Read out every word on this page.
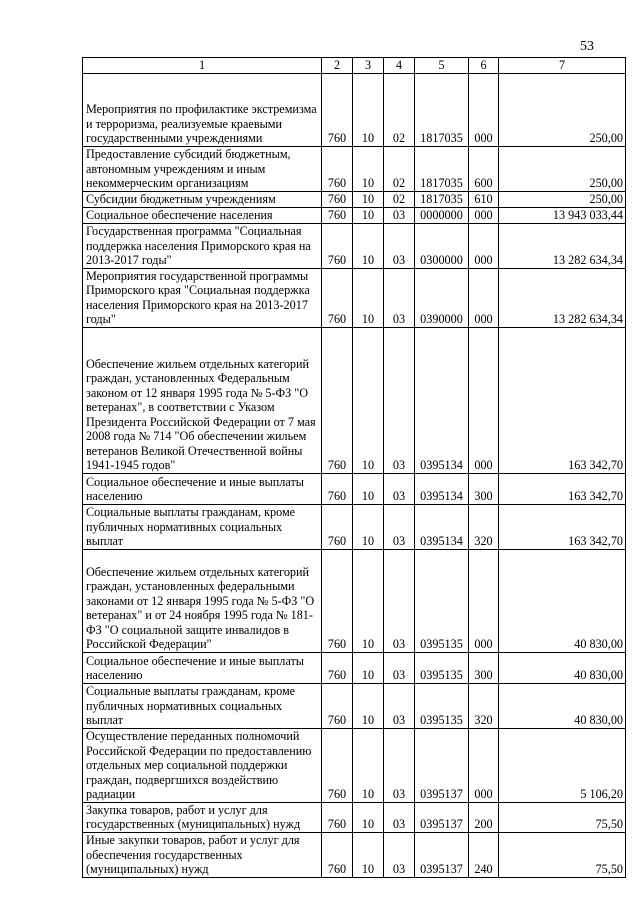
53
1	2	3	4	5	6	7
Мероприятия по профилактике экстремизма и терроризма, реализуемые краевыми государственными учреждениями	760	10	02	1817035	000	250,00
Предоставление субсидий бюджетным, автономным учреждениям и иным некоммерческим организациям	760	10	02	1817035	600	250,00
Субсидии бюджетным учреждениям	760	10	02	1817035	610	250,00
Социальное обеспечение населения	760	10	03	0000000	000	13 943 033,44
Государственная программа "Социальная поддержка населения Приморского края на 2013-2017 годы"	760	10	03	0300000	000	13 282 634,34
Мероприятия государственной программы Приморского края "Социальная поддержка населения Приморского края на 2013-2017 годы"	760	10	03	0390000	000	13 282 634,34
Обеспечение жильем отдельных категорий граждан, установленных Федеральным законом от 12 января 1995 года № 5-ФЗ "О ветеранах", в соответствии с Указом Президента Российской Федерации от 7 мая 2008 года № 714 "Об обеспечении жильем ветеранов Великой Отечественной войны 1941-1945 годов"	760	10	03	0395134	000	163 342,70
Социальное обеспечение и иные выплаты населению	760	10	03	0395134	300	163 342,70
Социальные выплаты гражданам, кроме публичных нормативных социальных выплат	760	10	03	0395134	320	163 342,70
Обеспечение жильем отдельных категорий граждан, установленных федеральными законами от 12 января 1995 года № 5-ФЗ "О ветеранах" и от 24 ноября 1995 года № 181-ФЗ "О социальной защите инвалидов в Российской Федерации"	760	10	03	0395135	000	40 830,00
Социальное обеспечение и иные выплаты населению	760	10	03	0395135	300	40 830,00
Социальные выплаты гражданам, кроме публичных нормативных социальных выплат	760	10	03	0395135	320	40 830,00
Осуществление переданных полномочий Российской Федерации по предоставлению отдельных мер социальной поддержки граждан, подвергшихся воздействию радиации	760	10	03	0395137	000	5 106,20
Закупка товаров, работ и услуг для государственных (муниципальных) нужд	760	10	03	0395137	200	75,50
Иные закупки товаров, работ и услуг для обеспечения государственных (муниципальных) нужд	760	10	03	0395137	240	75,50
